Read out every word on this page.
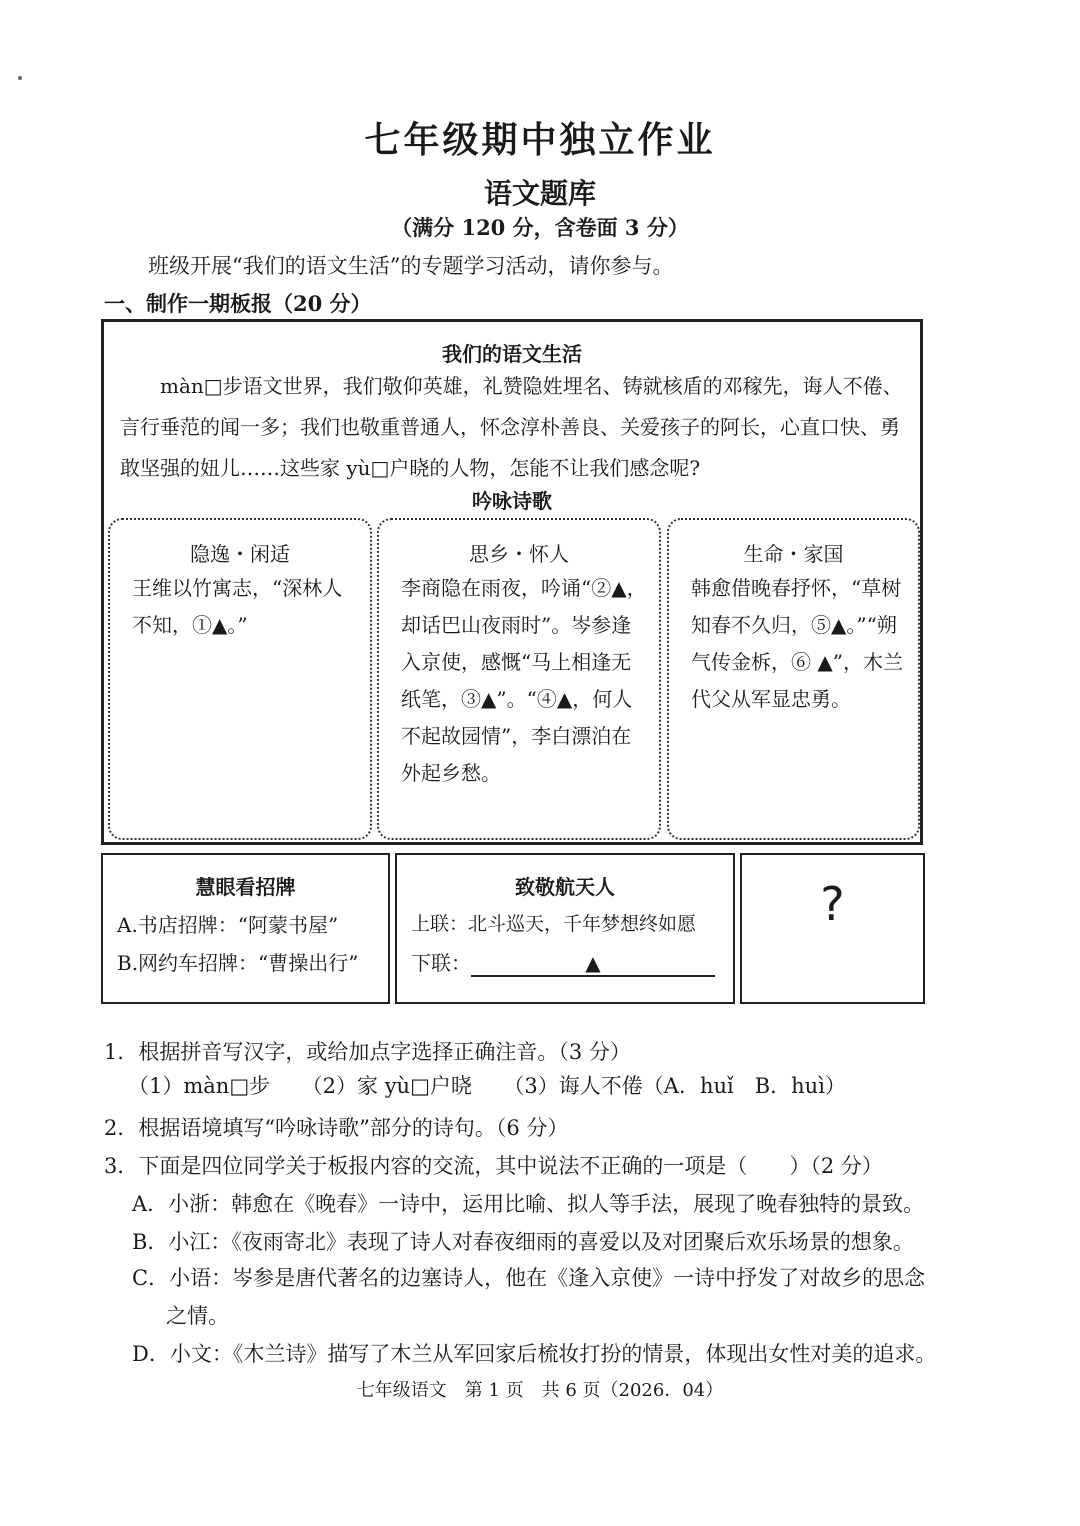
七年级期中独立作业
语文题库
（满分 120 分，含卷面 3 分）
班级开展“我们的语文生活”的专题学习活动，请你参与。
一、制作一期板报（20 分）
我们的语文生活
màn□步语文世界，我们敬仰英雄，礼赞隐姓埋名、铸就核盾的邓稼先，诲人不倦、言行垂范的闻一多；我们也敬重普通人，怀念淳朴善良、关爱孩子的阿长，心直口快、勇敢坚强的妞儿……这些家 yù□户晓的人物，怎能不让我们感念呢?
吟咏诗歌
隐逸・闲适
王维以竹寓志，“深林人不知，①▲。”
思乡・怀人
李商隐在雨夜，吟诵“②▲，却话巴山夜雨时”。岑参逢入京使，感慨“马上相逢无纸笔，③▲”。“④▲，何人不起故园情”，李白漂泊在外起乡愁。
生命・家国
韩愈借晚春抒怀，“草树知春不久归，⑤▲。”“朔气传金柝，⑥ ▲”，木兰代父从军显忠勇。
慧眼看招牌
A.书店招牌：“阿蒙书屋”
B.网约车招牌：“曹操出行”
致敬航天人
上联：北斗巡天，千年梦想终如愿
下联：	▲
?
1．根据拼音写汉字，或给加点字选择正确注音。（3 分）
（1）màn□步　　（2）家 yù□户晓　　（3）诲人不倦（A．huǐ　B．huì）
2．根据语境填写“吟咏诗歌”部分的诗句。（6 分）
3．下面是四位同学关于板报内容的交流，其中说法不正确的一项是（　　）（2 分）
A．小浙：韩愈在《晚春》一诗中，运用比喻、拟人等手法，展现了晚春独特的景致。
B．小江：《夜雨寄北》表现了诗人对春夜细雨的喜爱以及对团聚后欢乐场景的想象。
C．小语：岑参是唐代著名的边塞诗人，他在《逢入京使》一诗中抒发了对故乡的思念
之情。
D．小文：《木兰诗》描写了木兰从军回家后梳妆打扮的情景，体现出女性对美的追求。
七年级语文　第 1 页　共 6 页（2026．04）
